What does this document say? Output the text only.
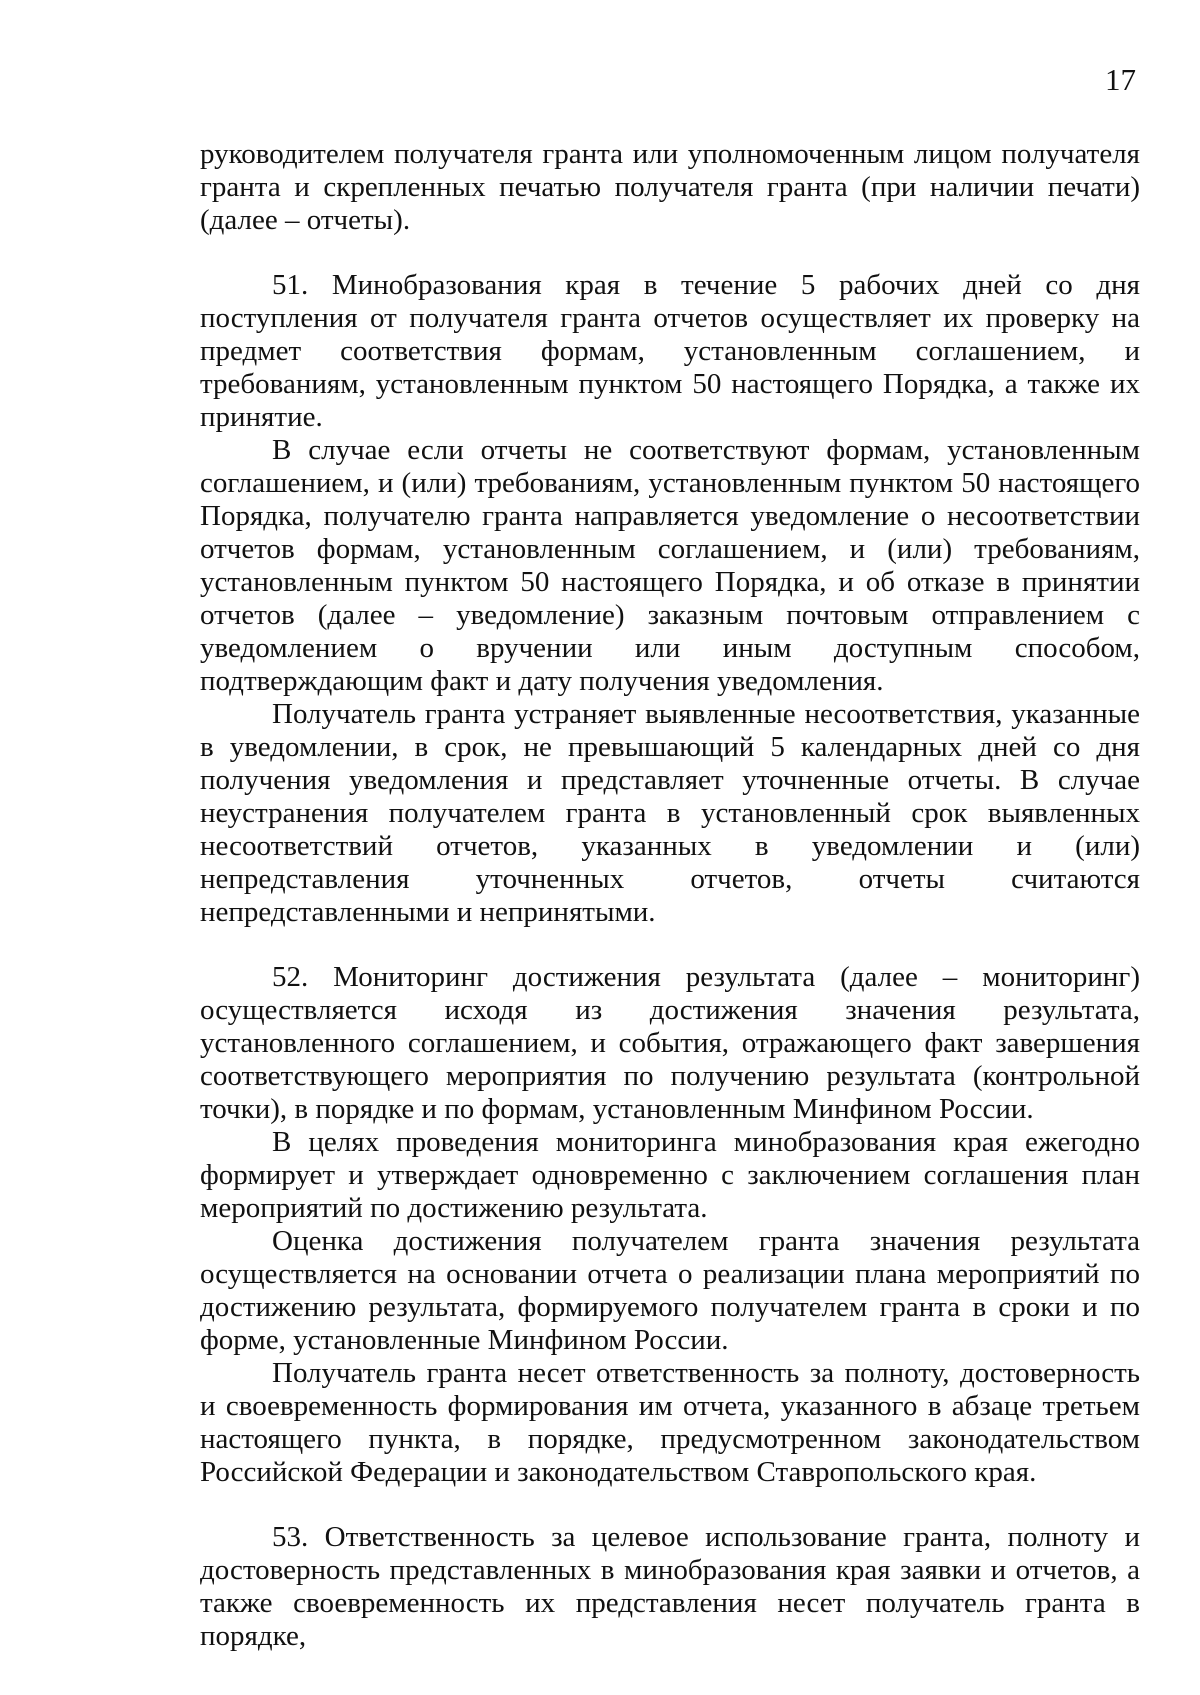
17

руководителем получателя гранта или уполномоченным лицом получателя гранта и скрепленных печатью получателя гранта (при наличии печати) (далее – отчеты).

51. Минобразования края в течение 5 рабочих дней со дня поступления от получателя гранта отчетов осуществляет их проверку на предмет соответствия формам, установленным соглашением, и требованиям, установленным пунктом 50 настоящего Порядка, а также их принятие.

В случае если отчеты не соответствуют формам, установленным соглашением, и (или) требованиям, установленным пунктом 50 настоящего Порядка, получателю гранта направляется уведомление о несоответствии отчетов формам, установленным соглашением, и (или) требованиям, установленным пунктом 50 настоящего Порядка, и об отказе в принятии отчетов (далее – уведомление) заказным почтовым отправлением с уведомлением о вручении или иным доступным способом, подтверждающим факт и дату получения уведомления.

Получатель гранта устраняет выявленные несоответствия, указанные в уведомлении, в срок, не превышающий 5 календарных дней со дня получения уведомления и представляет уточненные отчеты. В случае неустранения получателем гранта в установленный срок выявленных несоответствий отчетов, указанных в уведомлении и (или) непредставления уточненных отчетов, отчеты считаются непредставленными и непринятыми.

52. Мониторинг достижения результата (далее – мониторинг) осуществляется исходя из достижения значения результата, установленного соглашением, и события, отражающего факт завершения соответствующего мероприятия по получению результата (контрольной точки), в порядке и по формам, установленным Минфином России.

В целях проведения мониторинга минобразования края ежегодно формирует и утверждает одновременно с заключением соглашения план мероприятий по достижению результата.

Оценка достижения получателем гранта значения результата осуществляется на основании отчета о реализации плана мероприятий по достижению результата, формируемого получателем гранта в сроки и по форме, установленные Минфином России.

Получатель гранта несет ответственность за полноту, достоверность и своевременность формирования им отчета, указанного в абзаце третьем настоящего пункта, в порядке, предусмотренном законодательством Российской Федерации и законодательством Ставропольского края.

53. Ответственность за целевое использование гранта, полноту и достоверность представленных в минобразования края заявки и отчетов, а также своевременность их представления несет получатель гранта в порядке,
